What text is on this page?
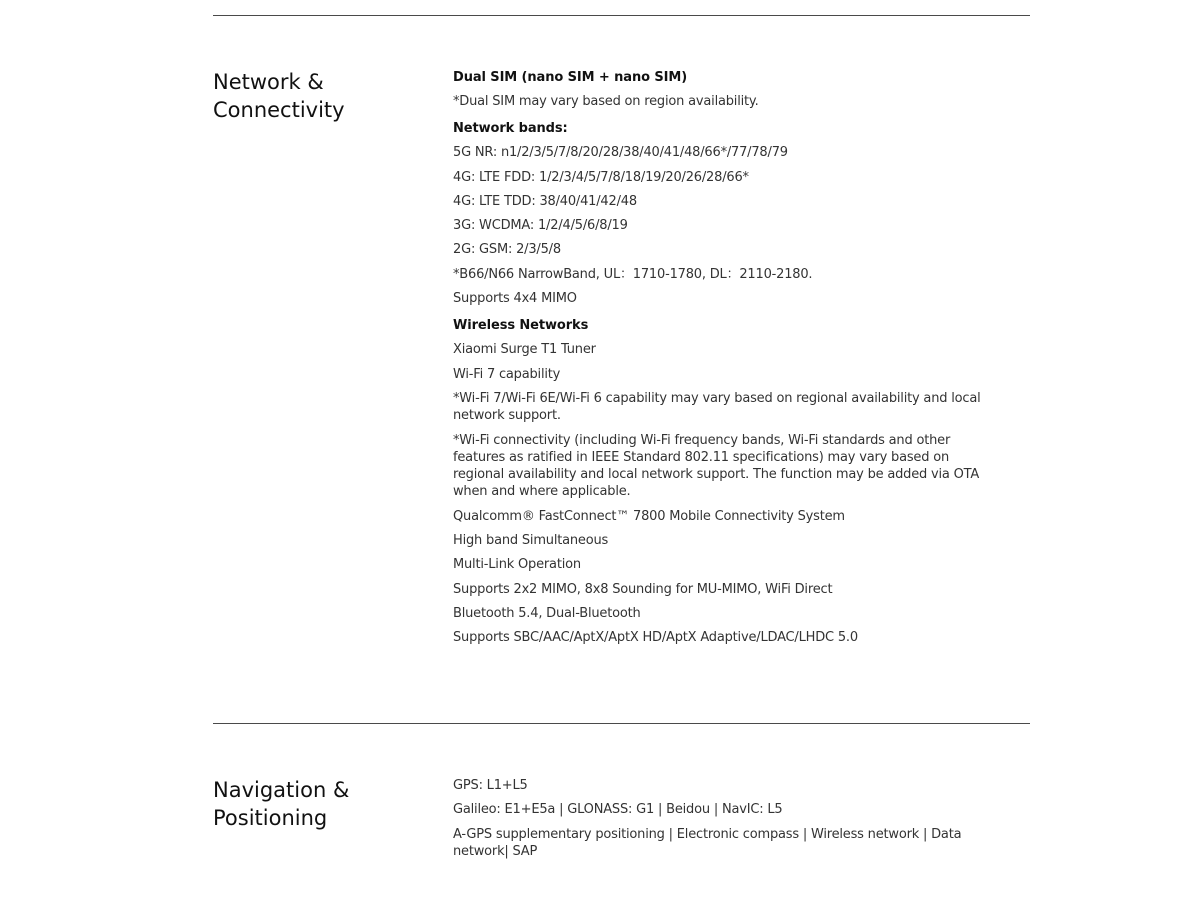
Network &
Connectivity
Dual SIM (nano SIM + nano SIM)
*Dual SIM may vary based on region availability.
Network bands:
5G NR: n1/2/3/5/7/8/20/28/38/40/41/48/66*/77/78/79
4G: LTE FDD: 1/2/3/4/5/7/8/18/19/20/26/28/66*
4G: LTE TDD: 38/40/41/42/48
3G: WCDMA: 1/2/4/5/6/8/19
2G: GSM: 2/3/5/8
*B66/N66 NarrowBand, UL：1710-1780, DL：2110-2180.
Supports 4x4 MIMO
Wireless Networks
Xiaomi Surge T1 Tuner
Wi-Fi 7 capability
*Wi-Fi 7/Wi-Fi 6E/Wi-Fi 6 capability may vary based on regional availability and local network support.
*Wi-Fi connectivity (including Wi-Fi frequency bands, Wi-Fi standards and other features as ratified in IEEE Standard 802.11 specifications) may vary based on regional availability and local network support. The function may be added via OTA when and where applicable.
Qualcomm® FastConnect™ 7800 Mobile Connectivity System
High band Simultaneous
Multi-Link Operation
Supports 2x2 MIMO, 8x8 Sounding for MU-MIMO, WiFi Direct
Bluetooth 5.4, Dual-Bluetooth
Supports SBC/AAC/AptX/AptX HD/AptX Adaptive/LDAC/LHDC 5.0
Navigation &
Positioning
GPS: L1+L5
Galileo: E1+E5a | GLONASS: G1 | Beidou | NavIC: L5
A-GPS supplementary positioning | Electronic compass | Wireless network | Data network| SAP
